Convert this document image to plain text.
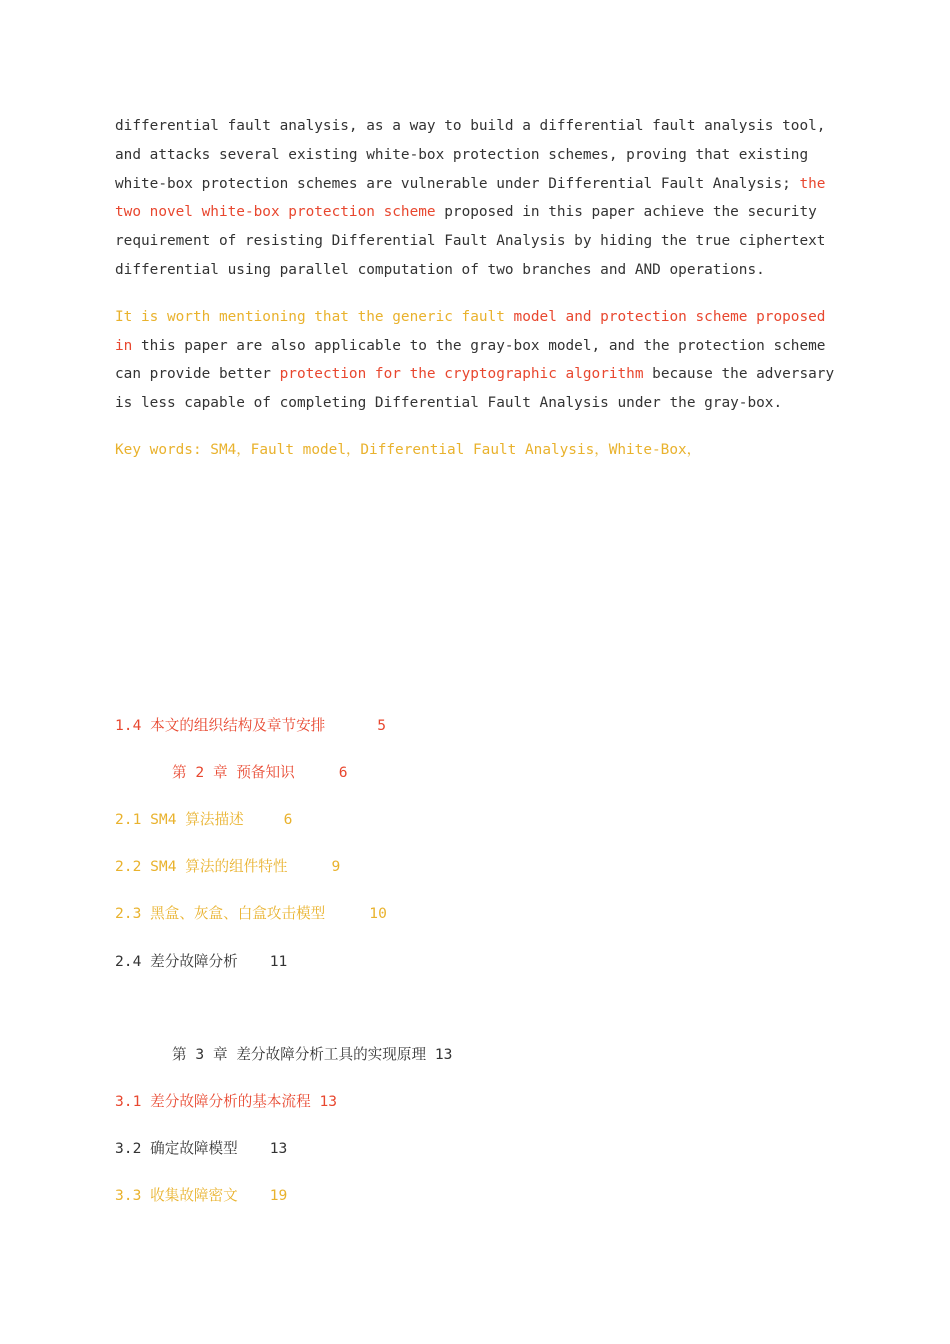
differential fault analysis, as a way to build a differential fault analysis tool, and attacks several existing white-box protection schemes, proving that existing white-box protection schemes are vulnerable under Differential Fault Analysis; the two novel white-box protection scheme proposed in this paper achieve the security requirement of resisting Differential Fault Analysis by hiding the true ciphertext differential using parallel computation of two branches and AND operations.

It is worth mentioning that the generic fault model and protection scheme proposed in this paper are also applicable to the gray-box model, and the protection scheme can provide better protection for the cryptographic algorithm because the adversary is less capable of completing Differential Fault Analysis under the gray-box.

Key words: SM4，Fault model，Differential Fault Analysis，White-Box，

1.4 本文的组织结构及章节安排	5
第 2 章 预备知识	6
2.1 SM4 算法描述	6
2.2 SM4 算法的组件特性	9
2.3 黑盒、灰盒、白盒攻击模型	10
2.4 差分故障分析 11
第 3 章 差分故障分析工具的实现原理 13
3.1 差分故障分析的基本流程 13
3.2 确定故障模型 13
3.3 收集故障密文 19
